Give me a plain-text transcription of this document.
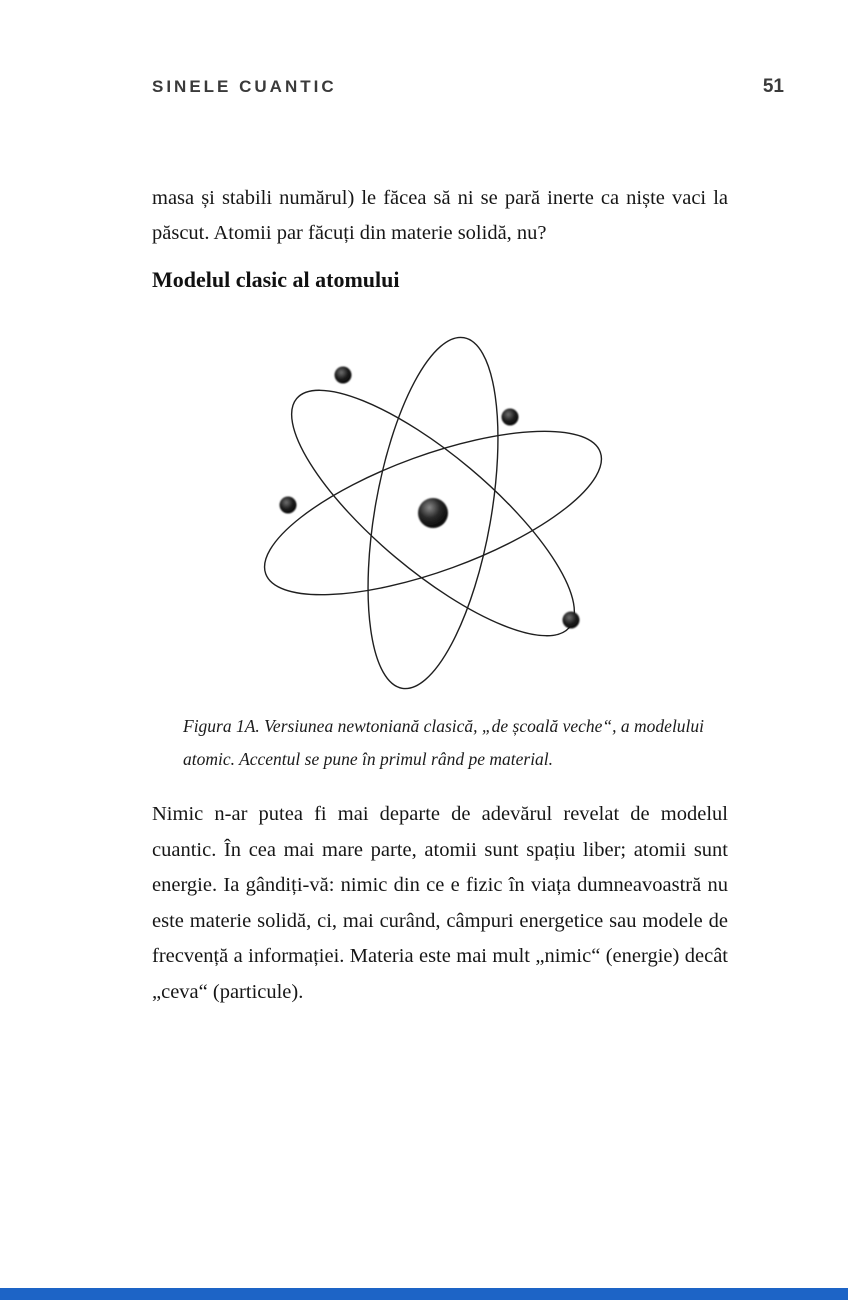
SINELE CUANTIC	51

masa și stabili numărul) le făcea să ni se pară inerte ca niște vaci la păscut. Atomii par făcuți din materie solidă, nu?

Modelul clasic al atomului
Figura 1A. Versiunea newtoniană clasică, „de școală veche“, a modelului atomic. Accentul se pune în primul rând pe material.

Nimic n-ar putea fi mai departe de adevărul revelat de modelul cuantic. În cea mai mare parte, atomii sunt spațiu liber; atomii sunt energie. Ia gândiți-vă: nimic din ce e fizic în viața dumneavoastră nu este materie solidă, ci, mai curând, câmpuri energetice sau modele de frecvență a informației. Materia este mai mult „nimic“ (energie) decât „ceva“ (particule).
